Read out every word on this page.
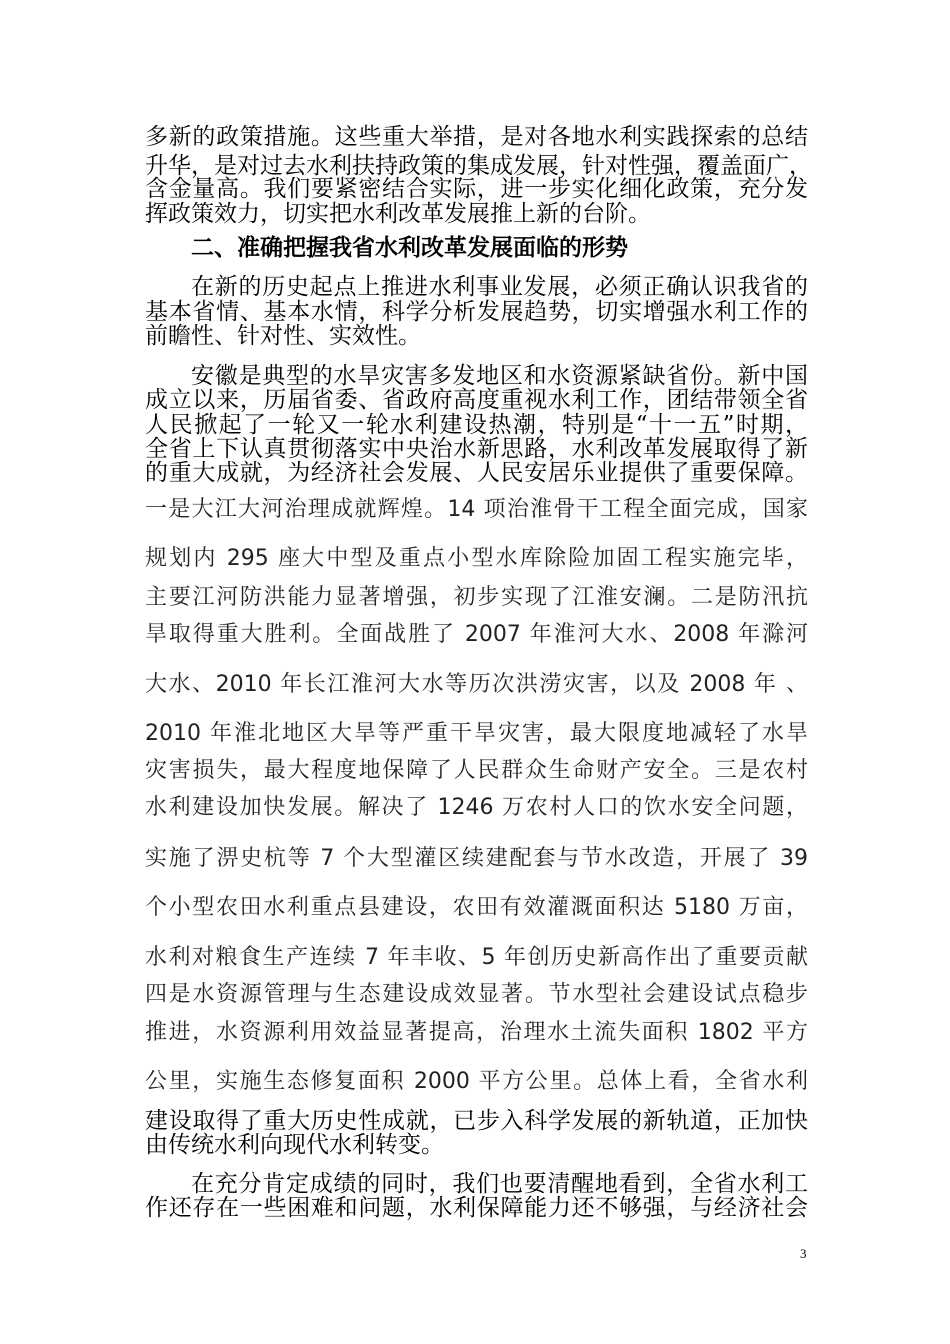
多新的政策措施。这些重大举措，是对各地水利实践探索的总结
升华，是对过去水利扶持政策的集成发展，针对性强，覆盖面广，
含金量高。我们要紧密结合实际，进一步实化细化政策，充分发
挥政策效力，切实把水利改革发展推上新的台阶。
二、准确把握我省水利改革发展面临的形势
在新的历史起点上推进水利事业发展，必须正确认识我省的
基本省情、基本水情，科学分析发展趋势，切实增强水利工作的
前瞻性、针对性、实效性。
安徽是典型的水旱灾害多发地区和水资源紧缺省份。新中国
成立以来，历届省委、省政府高度重视水利工作，团结带领全省
人民掀起了一轮又一轮水利建设热潮，特别是“十一五”时期，
全省上下认真贯彻落实中央治水新思路，水利改革发展取得了新
的重大成就，为经济社会发展、人民安居乐业提供了重要保障。
一是大江大河治理成就辉煌。14 项治淮骨干工程全面完成，国家
规划内 295 座大中型及重点小型水库除险加固工程实施完毕，
主要江河防洪能力显著增强，初步实现了江淮安澜。二是防汛抗
旱取得重大胜利。全面战胜了 2007 年淮河大水、2008 年滁河
大水、2010 年长江淮河大水等历次洪涝灾害，以及 2008 年 、
2010 年淮北地区大旱等严重干旱灾害，最大限度地减轻了水旱
灾害损失，最大程度地保障了人民群众生命财产安全。三是农村
水利建设加快发展。解决了 1246 万农村人口的饮水安全问题，
实施了淠史杭等 7 个大型灌区续建配套与节水改造，开展了 39
个小型农田水利重点县建设，农田有效灌溉面积达 5180 万亩，
水利对粮食生产连续 7 年丰收、5 年创历史新高作出了重要贡献
四是水资源管理与生态建设成效显著。节水型社会建设试点稳步
推进，水资源利用效益显著提高，治理水土流失面积 1802 平方
公里，实施生态修复面积 2000 平方公里。总体上看，全省水利
建设取得了重大历史性成就，已步入科学发展的新轨道，正加快
由传统水利向现代水利转变。
在充分肯定成绩的同时，我们也要清醒地看到，全省水利工
作还存在一些困难和问题，水利保障能力还不够强，与经济社会
3
